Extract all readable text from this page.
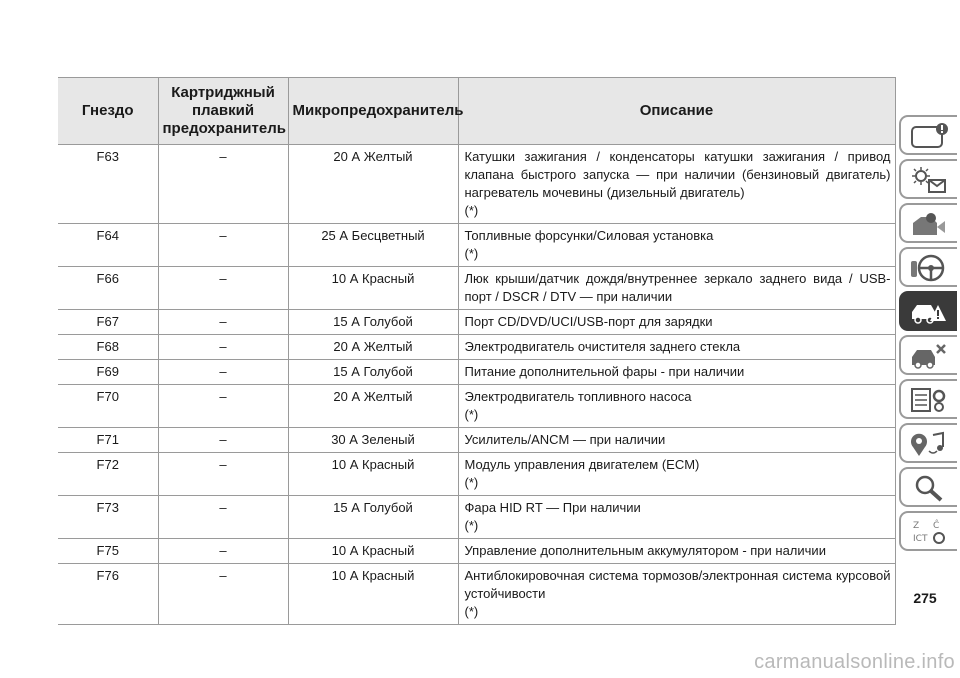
Гнездо	Картриджный плавкий предохранитель	Микропредохранитель	Описание
F63	–	20 А Желтый	Катушки зажигания / конденсаторы катушки зажигания / привод клапана быстрого запуска — при наличии (бензиновый двигатель) нагреватель мочевины (дизельный двигатель)
(*)

F64	–	25 А Бесцветный	Топливные форсунки/Силовая установка
(*)

F66	–	10 А Красный	Люк крыши/датчик дождя/внутреннее зеркало заднего вида / USB-порт / DSCR / DTV — при наличии

F67	–	15 А Голубой	Порт CD/DVD/UCI/USB-порт для зарядки

F68	–	20 А Желтый	Электродвигатель очистителя заднего стекла

F69	–	15 А Голубой	Питание дополнительной фары - при наличии

F70	–	20 А Желтый	Электродвигатель топливного насоса
(*)

F71	–	30 А Зеленый	Усилитель/ANCM — при наличии

F72	–	10 А Красный	Модуль управления двигателем (ECM)
(*)

F73	–	15 А Голубой	Фара HID RT — При наличии
(*)

F75	–	10 А Красный	Управление дополнительным аккумулятором - при наличии

F76	–	10 А Красный	Антиблокировочная система тормозов/электронная система курсовой устойчивости
(*)
Z
IСТ
Ĉ
275
carmanualsonline.info
